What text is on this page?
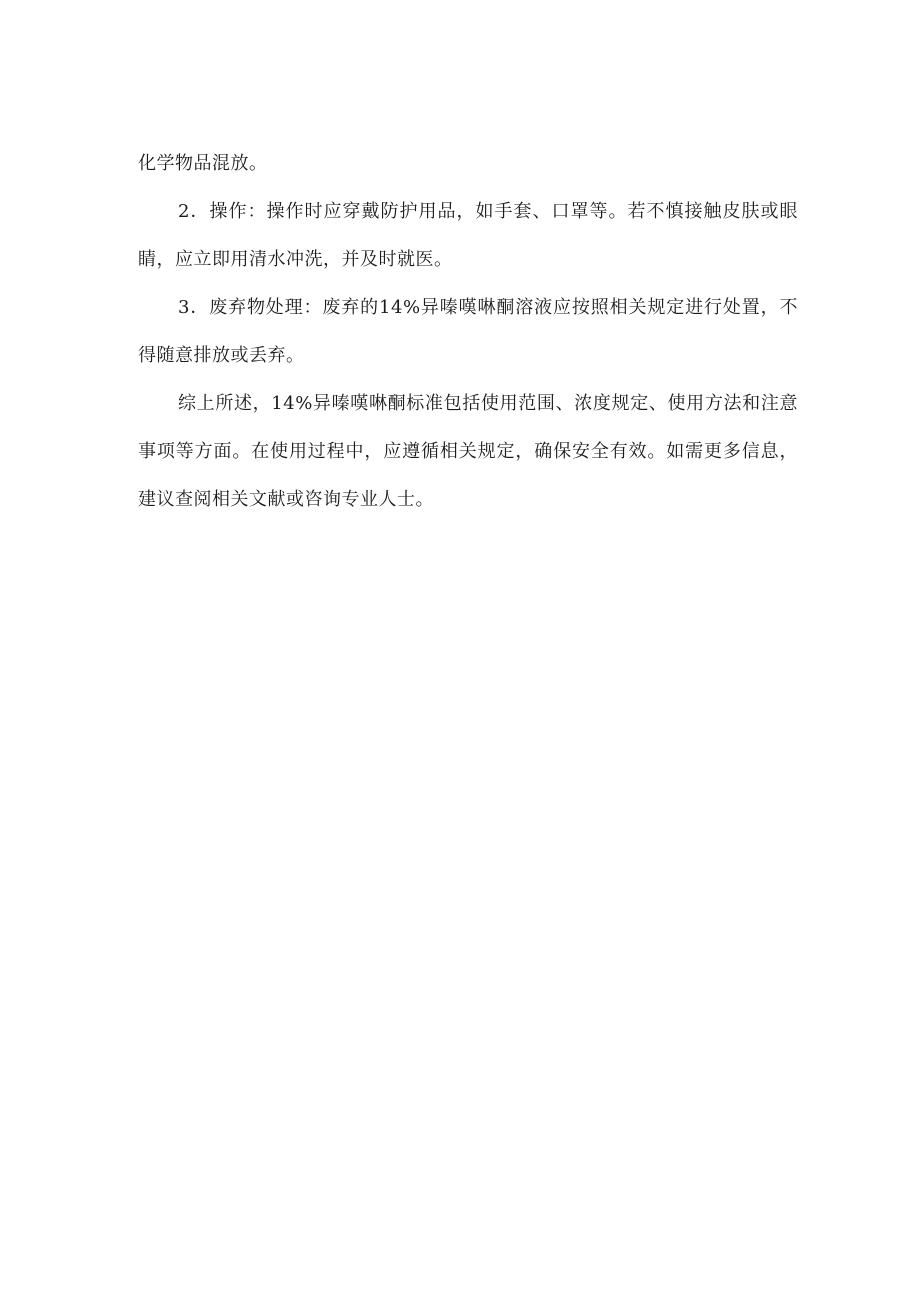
化学物品混放。

2．操作：操作时应穿戴防护用品，如手套、口罩等。若不慎接触皮肤或眼睛，应立即用清水冲洗，并及时就医。

3．废弃物处理：废弃的14%异嗪嘆啉酮溶液应按照相关规定进行处置，不得随意排放或丢弃。

综上所述，14%异嗪嘆啉酮标准包括使用范围、浓度规定、使用方法和注意事项等方面。在使用过程中，应遵循相关规定，确保安全有效。如需更多信息，建议查阅相关文献或咨询专业人士。
